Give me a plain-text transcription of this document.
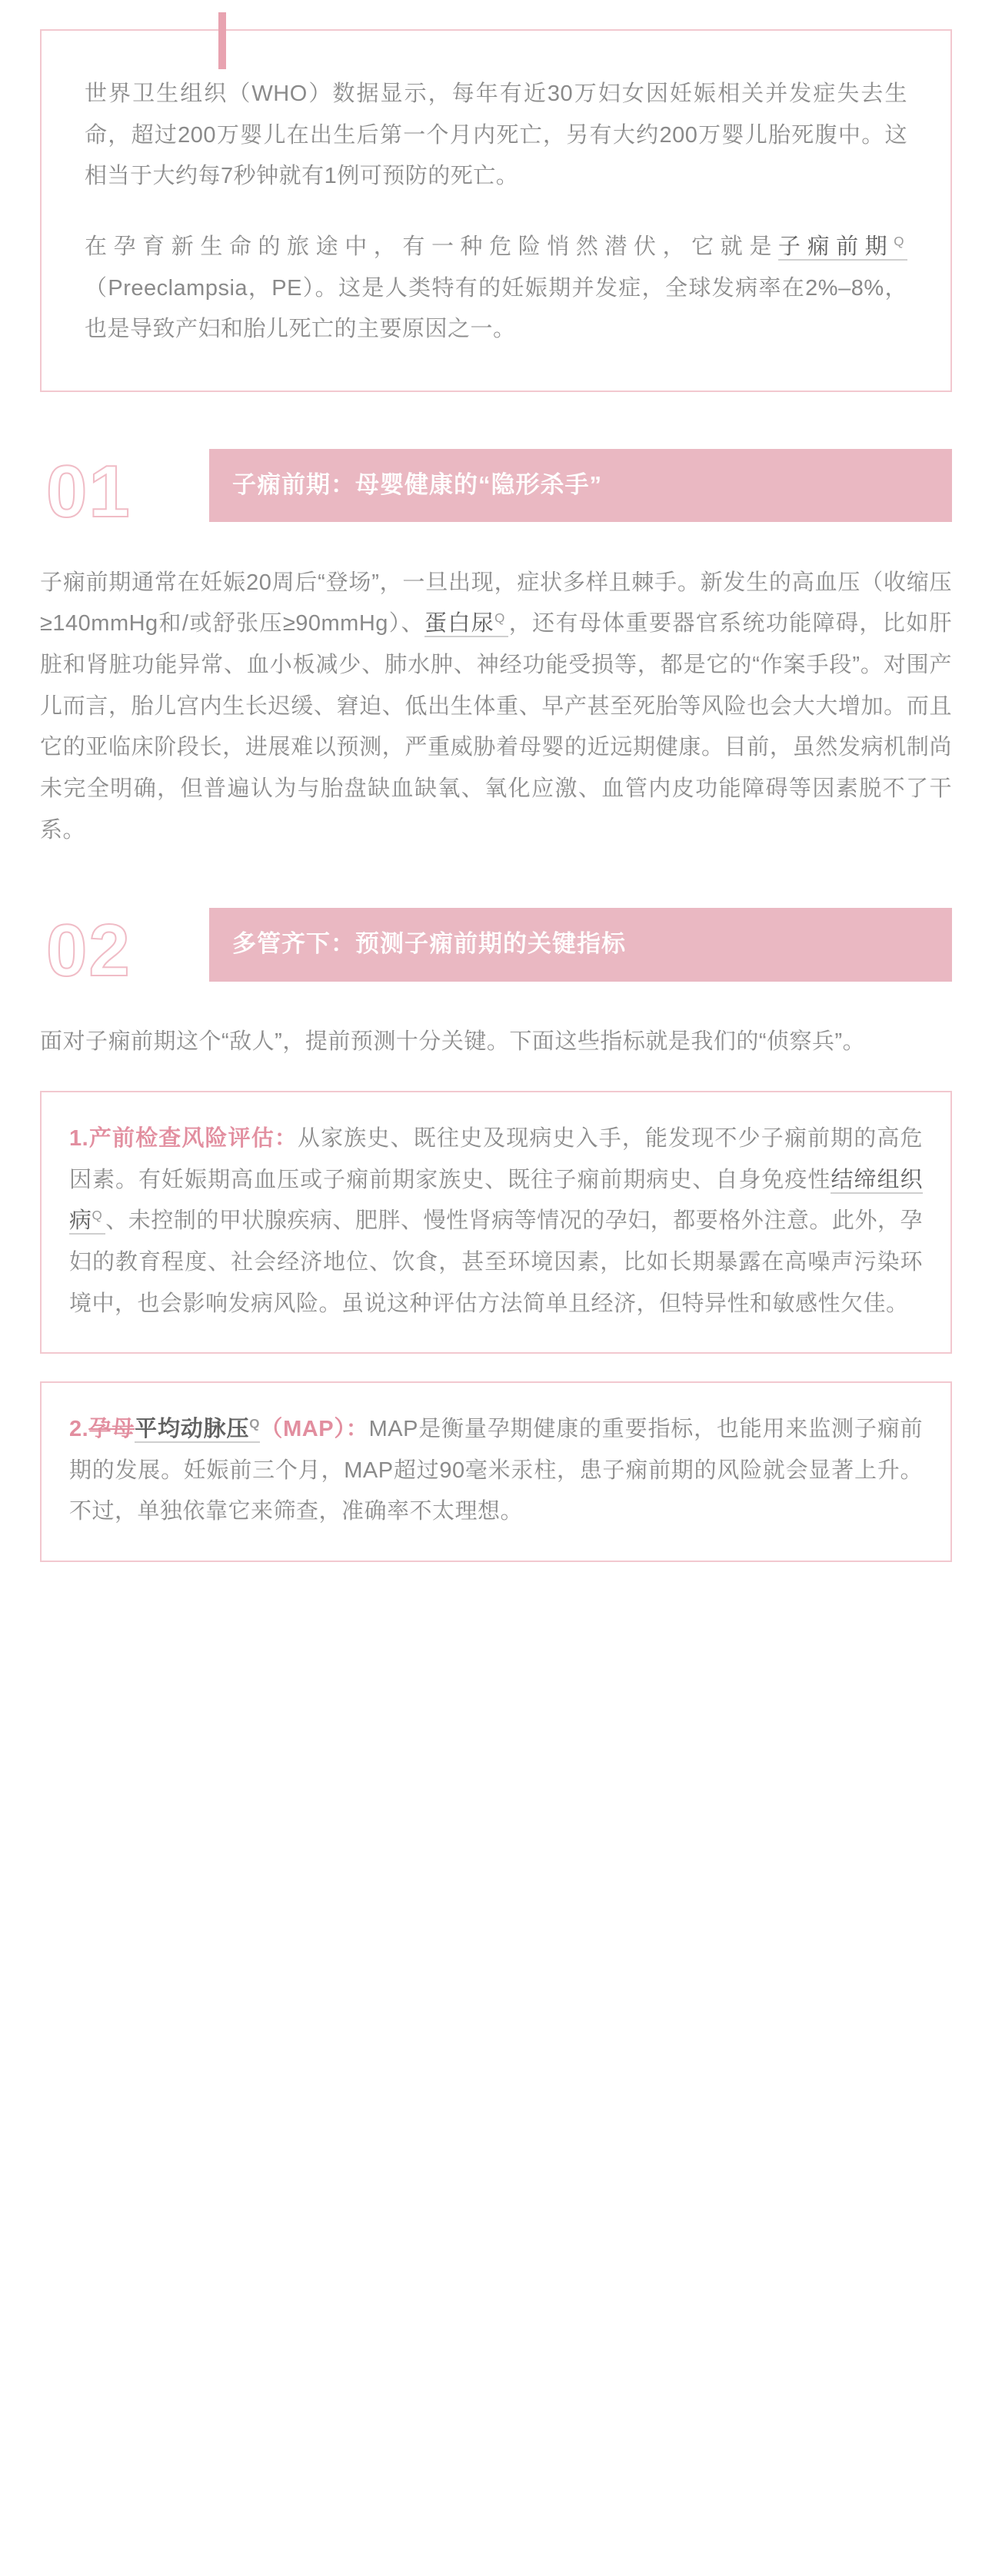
世界卫生组织（WHO）数据显示，每年有近30万妇女因妊娠相关并发症失去生命，超过200万婴儿在出生后第一个月内死亡，另有大约200万婴儿胎死腹中。这相当于大约每7秒钟就有1例可预防的死亡。

在孕育新生命的旅途中，有一种危险悄然潜伏，它就是子痫前期$^Q$（Preeclampsia，PE）。这是人类特有的妊娠期并发症，全球发病率在2%–8%，也是导致产妇和胎儿死亡的主要原因之一。

01	子痫前期：母婴健康的“隐形杀手”

子痫前期通常在妊娠20周后“登场”，一旦出现，症状多样且棘手。新发生的高血压（收缩压≥140mmHg和/或舒张压≥90mmHg）、蛋白尿$^Q$ ，还有母体重要器官系统功能障碍，比如肝脏和肾脏功能异常、血小板减少、肺水肿、神经功能受损等，都是它的“作案手段”。对围产儿而言，胎儿宫内生长迟缓、窘迫、低出生体重、早产甚至死胎等风险也会大大增加。而且它的亚临床阶段长，进展难以预测，严重威胁着母婴的近远期健康。目前，虽然发病机制尚未完全明确，但普遍认为与胎盘缺血缺氧、氧化应激、血管内皮功能障碍等因素脱不了干系。

02	多管齐下：预测子痫前期的关键指标

面对子痫前期这个“敌人”，提前预测十分关键。下面这些指标就是我们的“侦察兵”。

1.产前检查风险评估：从家族史、既往史及现病史入手，能发现不少子痫前期的高危因素。有妊娠期高血压或子痫前期家族史、既往子痫前期病史、自身免疫性结缔组织病$^Q$ 、未控制的甲状腺疾病、肥胖、慢性肾病等情况的孕妇，都要格外注意。此外，孕妇的教育程度、社会经济地位、饮食，甚至环境因素，比如长期暴露在高噪声污染环境中，也会影响发病风险。虽说这种评估方法简单且经济，但特异性和敏感性欠佳。

2.孕母平均动脉压$^Q$（MAP）：MAP是衡量孕期健康的重要指标，也能用来监测子痫前期的发展。妊娠前三个月，MAP超过90毫米汞柱，患子痫前期的风险就会显著上升。不过，单独依靠它来筛查，准确率不太理想。
